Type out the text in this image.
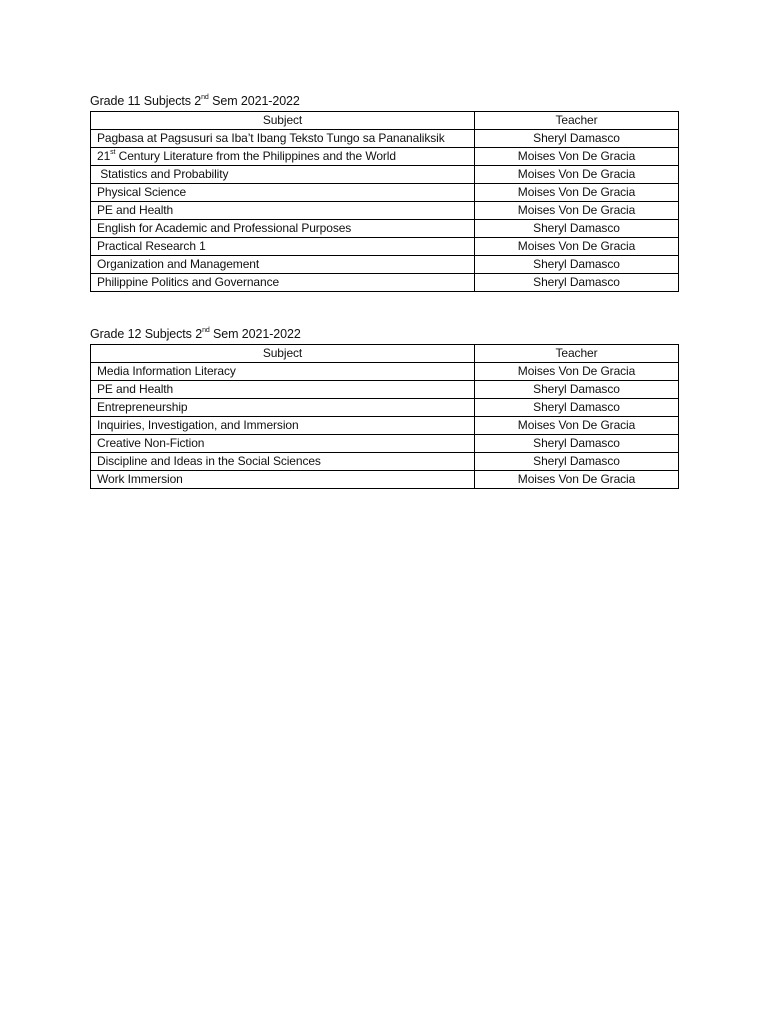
Grade 11 Subjects 2nd Sem 2021-2022
Subject	Teacher
Pagbasa at Pagsusuri sa Iba’t Ibang Teksto Tungo sa Pananaliksik	Sheryl Damasco
21st Century Literature from the Philippines and the World	Moises Von De Gracia
Statistics and Probability	Moises Von De Gracia
Physical Science	Moises Von De Gracia
PE and Health	Moises Von De Gracia
English for Academic and Professional Purposes	Sheryl Damasco
Practical Research 1	Moises Von De Gracia
Organization and Management	Sheryl Damasco
Philippine Politics and Governance	Sheryl Damasco
Grade 12 Subjects 2nd Sem 2021-2022
Subject	Teacher
Media Information Literacy	Moises Von De Gracia
PE and Health	Sheryl Damasco
Entrepreneurship	Sheryl Damasco
Inquiries, Investigation, and Immersion	Moises Von De Gracia
Creative Non-Fiction	Sheryl Damasco
Discipline and Ideas in the Social Sciences	Sheryl Damasco
Work Immersion	Moises Von De Gracia
